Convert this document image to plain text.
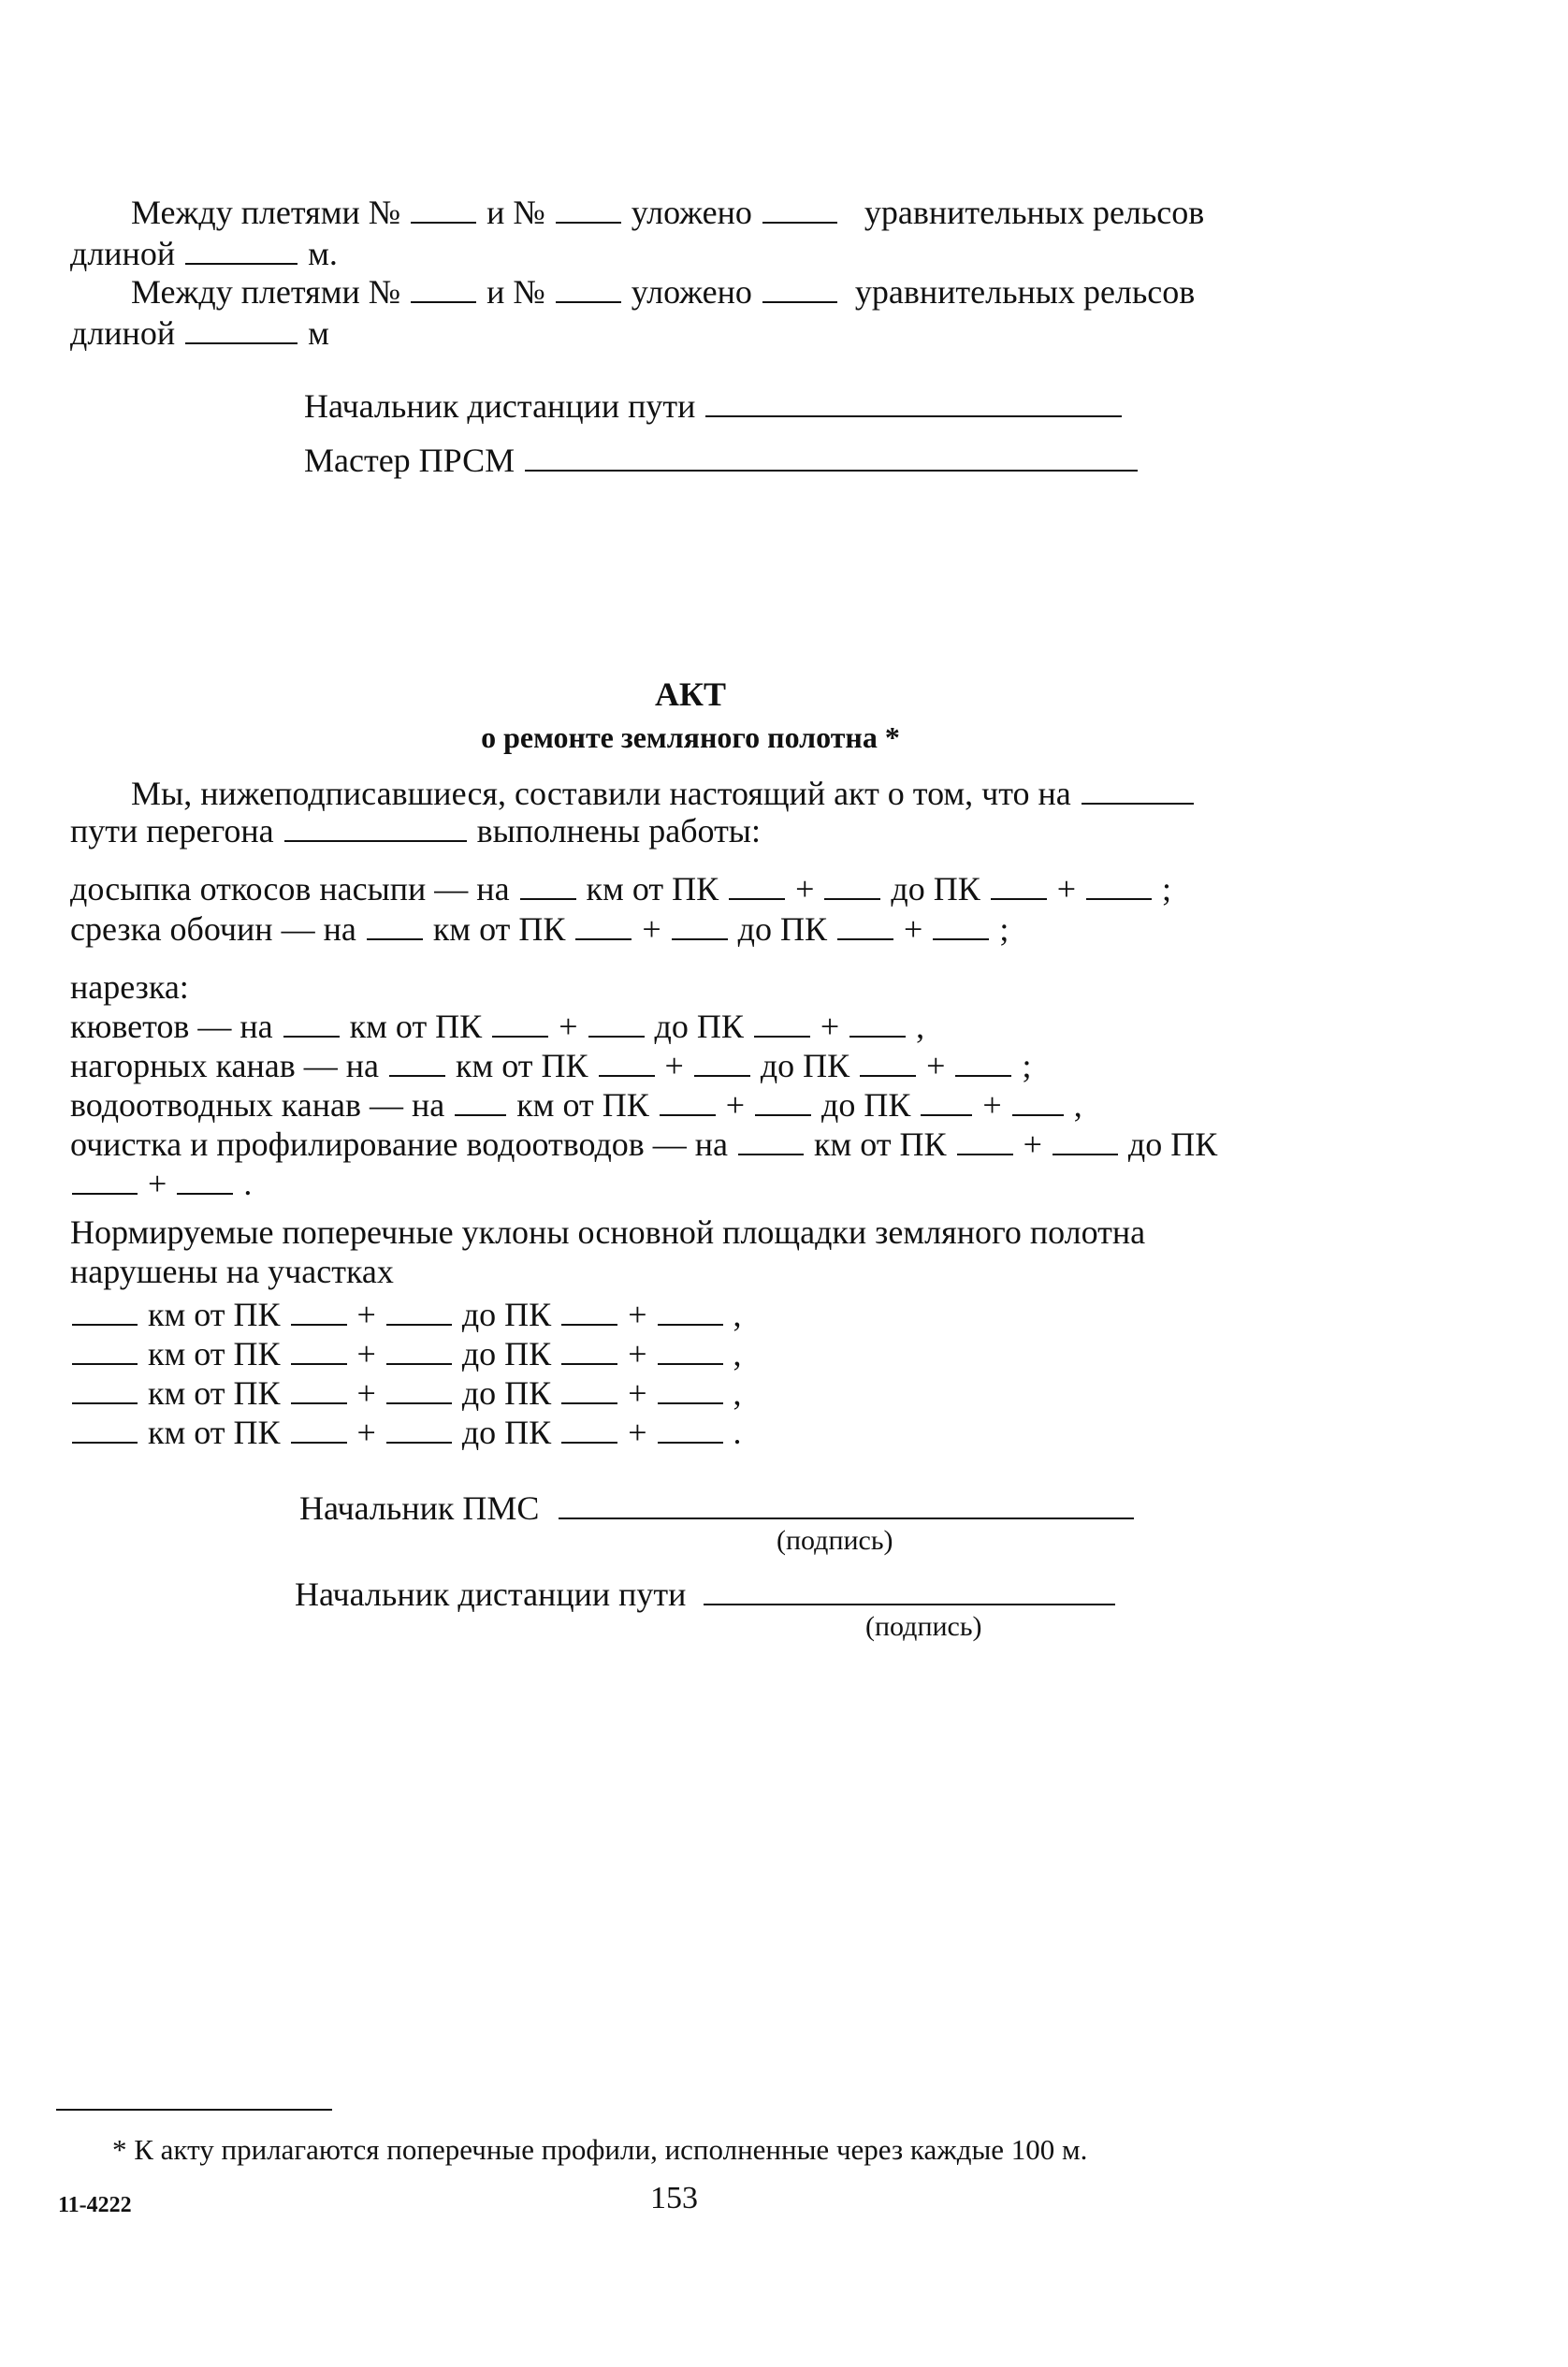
Между плетями №	и №	уложено	уравнительных рельсов
длиной	м.
Между плетями №	и №	уложено	уравнительных рельсов
длиной	м
Начальник дистанции пути
Мастер ПРСМ
АКТ
о ремонте земляного полотна *
Мы, нижеподписавшиеся, составили настоящий акт о том, что на
пути перегона	выполнены работы:
досыпка откосов насыпи — на км от ПК + до ПК +	;
срезка обочин — на км от ПК + до ПК + ;
нарезка:
кюветов — на км от ПК + до ПК + ,
нагорных канав — на км от ПК + до ПК + ;
водоотводных канав — на км от ПК + до ПК + ,
очистка и профилирование водоотводов — на	км от ПК +	до ПК
+ .
Нормируемые поперечные уклоны основной площадки земляного полотна
нарушены на участках
км от ПК +	до ПК +	,
км от ПК +	до ПК +	,
км от ПК +	до ПК +	,
км от ПК +	до ПК +	.
Начальник ПМС
(подпись)
Начальник дистанции пути
(подпись)
* К акту прилагаются поперечные профили, исполненные через каждые 100 м.
11-4222	153
